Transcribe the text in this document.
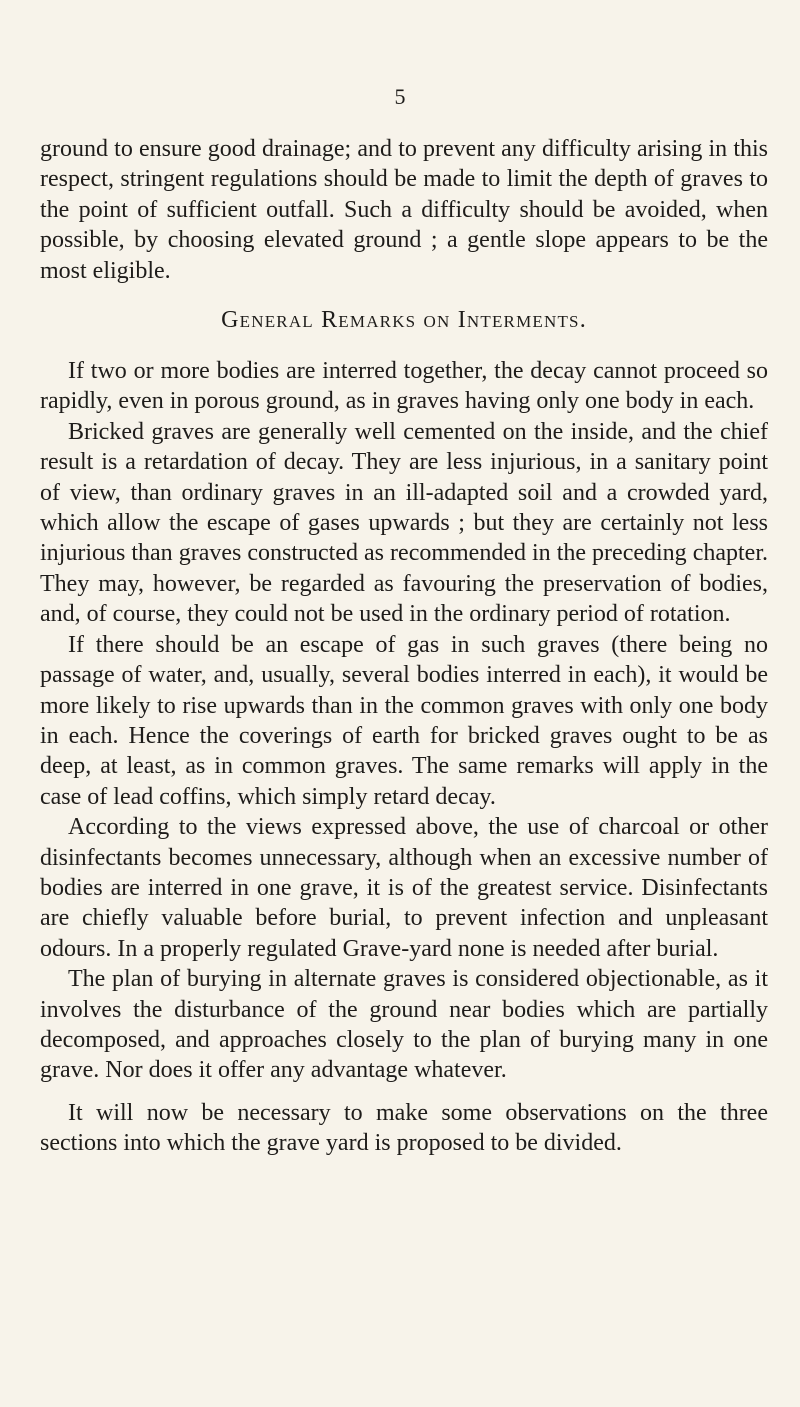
5

ground to ensure good drainage; and to prevent any difficulty arising in this respect, stringent regulations should be made to limit the depth of graves to the point of sufficient outfall. Such a difficulty should be avoided, when possible, by choosing elevated ground ; a gentle slope appears to be the most eligible.

General Remarks on Interments.

If two or more bodies are interred together, the decay cannot proceed so rapidly, even in porous ground, as in graves having only one body in each.

Bricked graves are generally well cemented on the inside, and the chief result is a retardation of decay. They are less injurious, in a sanitary point of view, than ordinary graves in an ill-adapted soil and a crowded yard, which allow the escape of gases upwards ; but they are certainly not less injurious than graves constructed as recommended in the preceding chapter. They may, however, be regarded as favouring the preservation of bodies, and, of course, they could not be used in the ordinary period of rotation.

If there should be an escape of gas in such graves (there being no passage of water, and, usually, several bodies interred in each), it would be more likely to rise upwards than in the common graves with only one body in each. Hence the coverings of earth for bricked graves ought to be as deep, at least, as in common graves. The same remarks will apply in the case of lead coffins, which simply retard decay.

According to the views expressed above, the use of charcoal or other disinfectants becomes unnecessary, although when an excessive number of bodies are interred in one grave, it is of the greatest service. Disinfectants are chiefly valuable before burial, to prevent infection and unpleasant odours. In a properly regulated Grave-yard none is needed after burial.

The plan of burying in alternate graves is considered objectionable, as it involves the disturbance of the ground near bodies which are partially decomposed, and approaches closely to the plan of burying many in one grave. Nor does it offer any advantage whatever.

It will now be necessary to make some observations on the three sections into which the grave yard is proposed to be divided.
